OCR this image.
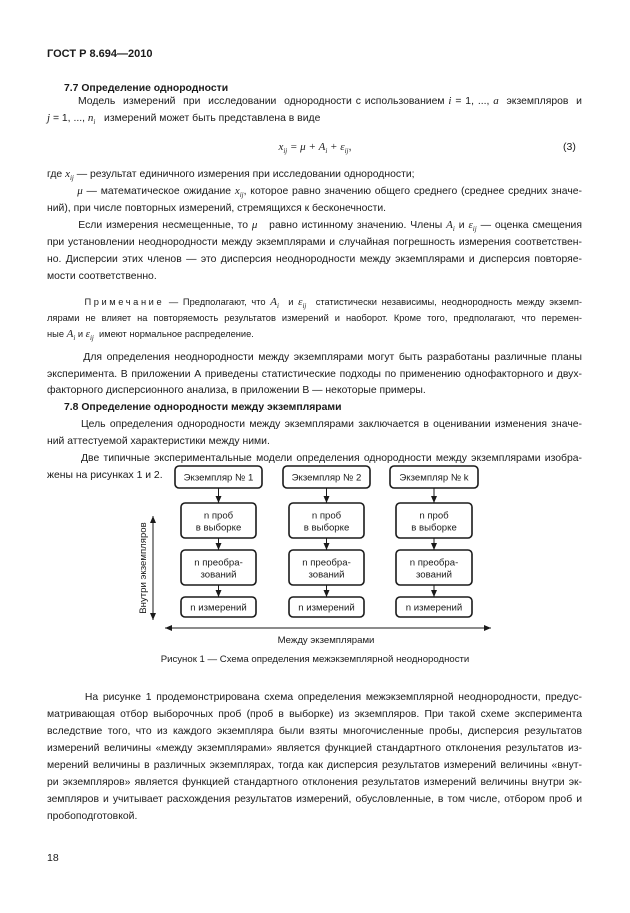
ГОСТ Р 8.694—2010
7.7 Определение однородности
Модель  измерений  при  исследовании  однородности с использованием i = 1, ..., a  экземпляров  и
j = 1, ..., $n_i$   измерений может быть представлена в виде
где $x_{ij}$ — результат единичного измерения при исследовании однородности;
μ — математическое ожидание $x_{ij}$, которое равно значению общего среднего (среднее средних значе-
ний), при числе повторных измерений, стремящихся к бесконечности.
Если измерения несмещенные, то μ   равно истинному значению. Члены $A_i$ и $\varepsilon_{ij}$ — оценка смещения
при установлении неоднородности между экземплярами и случайная погрешность измерения соответствен-
но. Дисперсии этих членов — это дисперсия неоднородности между экземплярами и дисперсия повторяе-
мости соответственно.
Примечание — Предполагают, что $A_i$  и $\varepsilon_{ij}$  статистически независимы, неоднородность между экземп-
лярами не влияет на повторяемость результатов измерений и наоборот. Кроме того, предполагают, что перемен-
ные $A_i$ и $\varepsilon_{ij}$  имеют нормальное распределение.
Для определения неоднородности между экземплярами могут быть разработаны различные планы
эксперимента. В приложении А приведены статистические подходы по применению однофакторного и двух-
факторного дисперсионного анализа, в приложении В — некоторые примеры.
7.8 Определение однородности между экземплярами
Цель определения однородности между экземплярами заключается в оценивании изменения значе-
ний аттестуемой характеристики между ними.
Две типичные экспериментальные модели определения однородности между экземплярами изобра-
жены на рисунках 1 и 2.
На рисунке 1 продемонстрирована схема определения межэкземплярной неоднородности, предус-
матривающая отбор выборочных проб (проб в выборке) из экземпляров. При такой схеме эксперимента
вследствие того, что из каждого экземпляра были взяты многочисленные пробы, дисперсия результатов
измерений величины «между экземплярами» является функцией стандартного отклонения результатов из-
мерений величины в различных экземплярах, тогда как дисперсия результатов измерений величины «внут-
ри экземпляров» является функцией стандартного отклонения результатов измерений величины внутри эк-
земпляров и учитывает расхождения результатов измерений, обусловленные, в том числе, отбором проб и
пробоподготовкой.
$x_{ij} = \mu + A_i + \varepsilon_{ij}$,	(3)
Экземпляр № 1
n проб
в выборке
n преобра-
зований
n измерений
Экземпляр № 2
n проб
в выборке
n преобра-
зований
n измерений
Экземпляр № k
n проб
в выборке
n преобра-
зований
n измерений
Внутри экземпляров
Между экземплярами
Рисунок 1 — Схема определения межэкземплярной неоднородности
18
